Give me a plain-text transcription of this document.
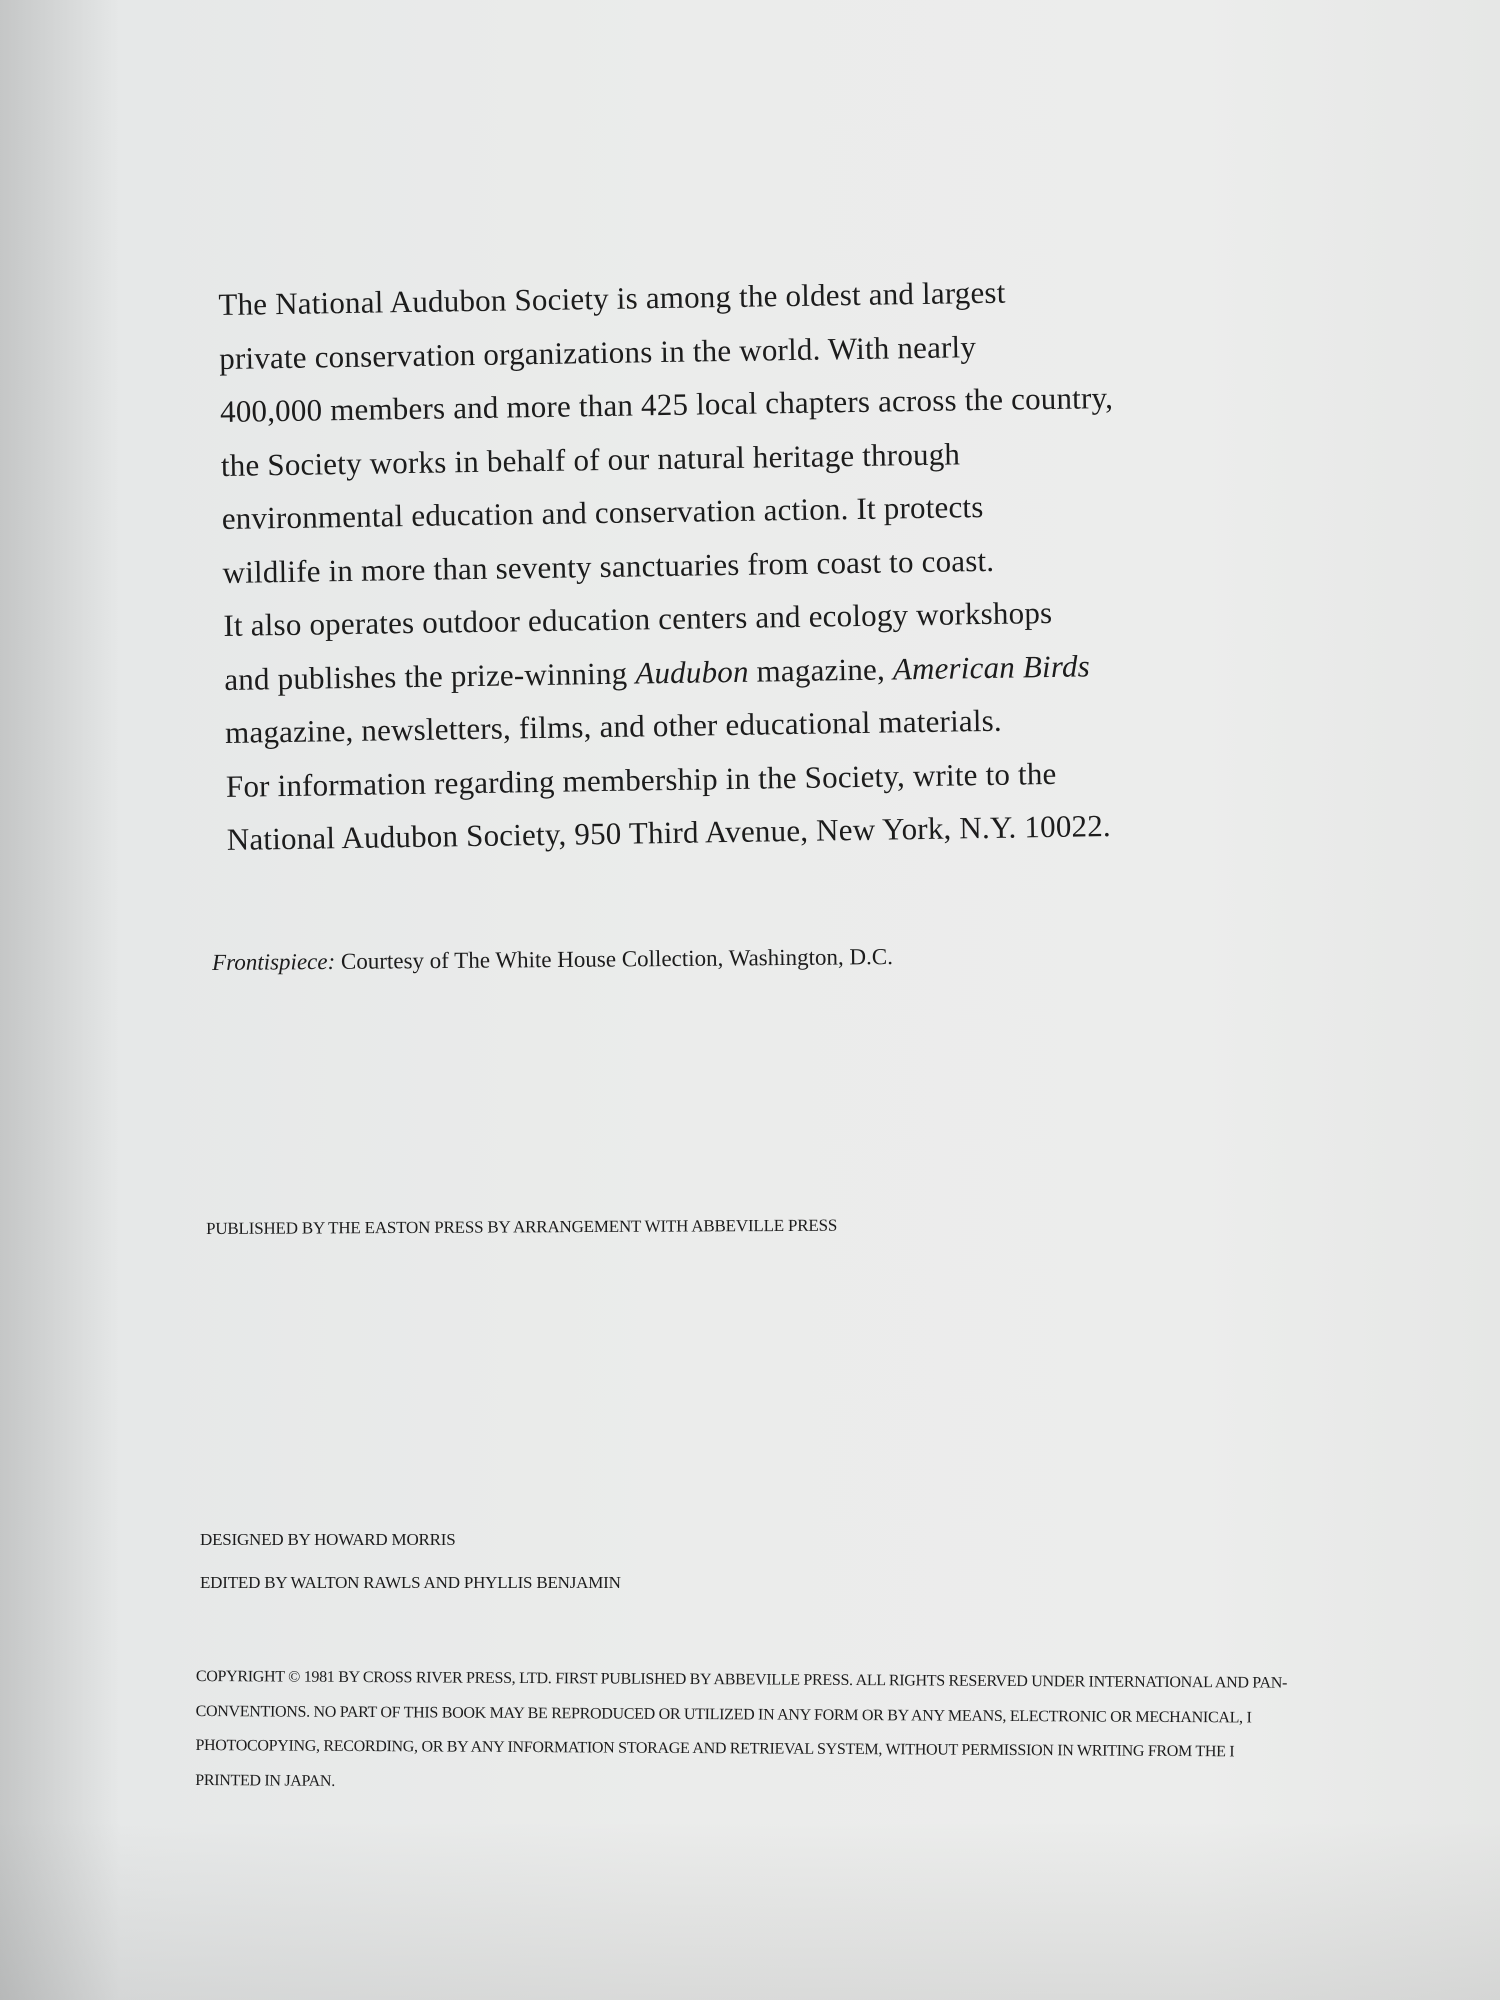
The National Audubon Society is among the oldest and largest
private conservation organizations in the world. With nearly
400,000 members and more than 425 local chapters across the country,
the Society works in behalf of our natural heritage through
environmental education and conservation action. It protects
wildlife in more than seventy sanctuaries from coast to coast.
It also operates outdoor education centers and ecology workshops
and publishes the prize-winning Audubon magazine, American Birds
magazine, newsletters, films, and other educational materials.
For information regarding membership in the Society, write to the
National Audubon Society, 950 Third Avenue, New York, N.Y. 10022.
Frontispiece: Courtesy of The White House Collection, Washington, D.C.
PUBLISHED BY THE EASTON PRESS BY ARRANGEMENT WITH ABBEVILLE PRESS
DESIGNED BY HOWARD MORRIS
EDITED BY WALTON RAWLS AND PHYLLIS BENJAMIN
COPYRIGHT © 1981 BY CROSS RIVER PRESS, LTD. FIRST PUBLISHED BY ABBEVILLE PRESS. ALL RIGHTS RESERVED UNDER INTERNATIONAL AND PAN-
CONVENTIONS. NO PART OF THIS BOOK MAY BE REPRODUCED OR UTILIZED IN ANY FORM OR BY ANY MEANS, ELECTRONIC OR MECHANICAL, I
PHOTOCOPYING, RECORDING, OR BY ANY INFORMATION STORAGE AND RETRIEVAL SYSTEM, WITHOUT PERMISSION IN WRITING FROM THE I
PRINTED IN JAPAN.
